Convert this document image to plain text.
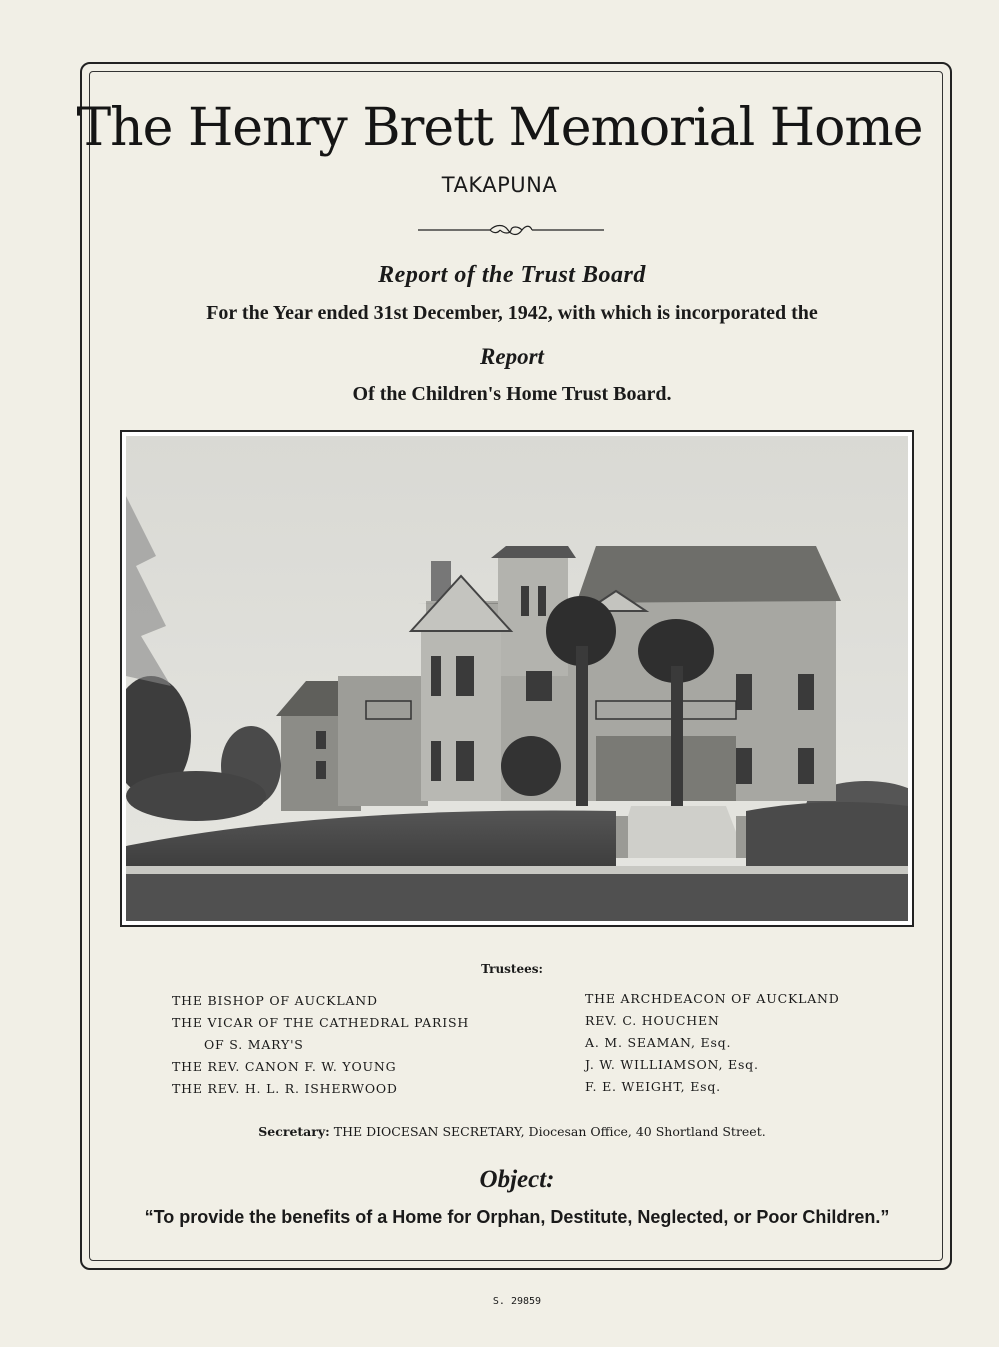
The Henry Brett Memorial Home
TAKAPUNA
Report of the Trust Board
For the Year ended 31st December, 1942, with which is incorporated the
Report
Of the Children's Home Trust Board.
Trustees:
THE BISHOP OF AUCKLAND
THE VICAR OF THE CATHEDRAL PARISH
OF S. MARY'S
THE REV. CANON F. W. YOUNG
THE REV. H. L. R. ISHERWOOD
THE ARCHDEACON OF AUCKLAND
REV. C. HOUCHEN
A. M. SEAMAN, Esq.
J. W. WILLIAMSON, Esq.
F. E. WEIGHT, Esq.
Secretary: THE DIOCESAN SECRETARY, Diocesan Office, 40 Shortland Street.
Object:
“To provide the benefits of a Home for Orphan, Destitute, Neglected, or Poor Children.”
S. 29859
